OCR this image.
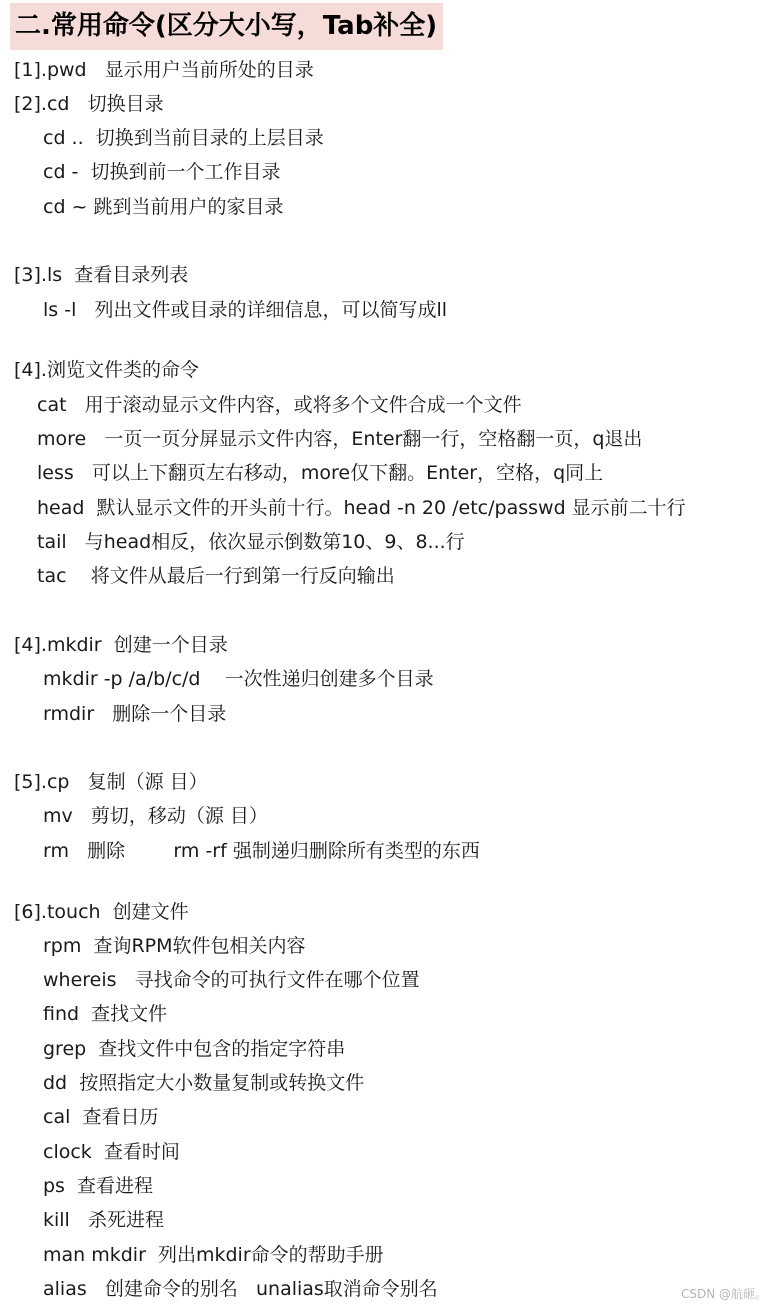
二.常用命令(区分大小写，Tab补全)
[1].pwd   显示用户当前所处的目录
[2].cd   切换目录
cd ..  切换到当前目录的上层目录
cd -  切换到前一个工作目录
cd ~ 跳到当前用户的家目录
[3].ls  查看目录列表
ls -l   列出文件或目录的详细信息，可以简写成ll
[4].浏览文件类的命令
cat   用于滚动显示文件内容，或将多个文件合成一个文件
more   一页一页分屏显示文件内容，Enter翻一行，空格翻一页，q退出
less   可以上下翻页左右移动，more仅下翻。Enter，空格，q同上
head  默认显示文件的开头前十行。head -n 20 /etc/passwd 显示前二十行
tail   与head相反，依次显示倒数第10、9、8...行
tac    将文件从最后一行到第一行反向输出
[4].mkdir  创建一个目录
mkdir -p /a/b/c/d    一次性递归创建多个目录
rmdir   删除一个目录
[5].cp   复制（源 目）
mv   剪切，移动（源 目）
rm   删除        rm -rf 强制递归删除所有类型的东西
[6].touch  创建文件
rpm  查询RPM软件包相关内容
whereis   寻找命令的可执行文件在哪个位置
find  查找文件
grep  查找文件中包含的指定字符串
dd  按照指定大小数量复制或转换文件
cal  查看日历
clock  查看时间
ps  查看进程
kill   杀死进程
man mkdir  列出mkdir命令的帮助手册
alias   创建命令的别名   unalias取消命令别名	CSDN @航砸。
